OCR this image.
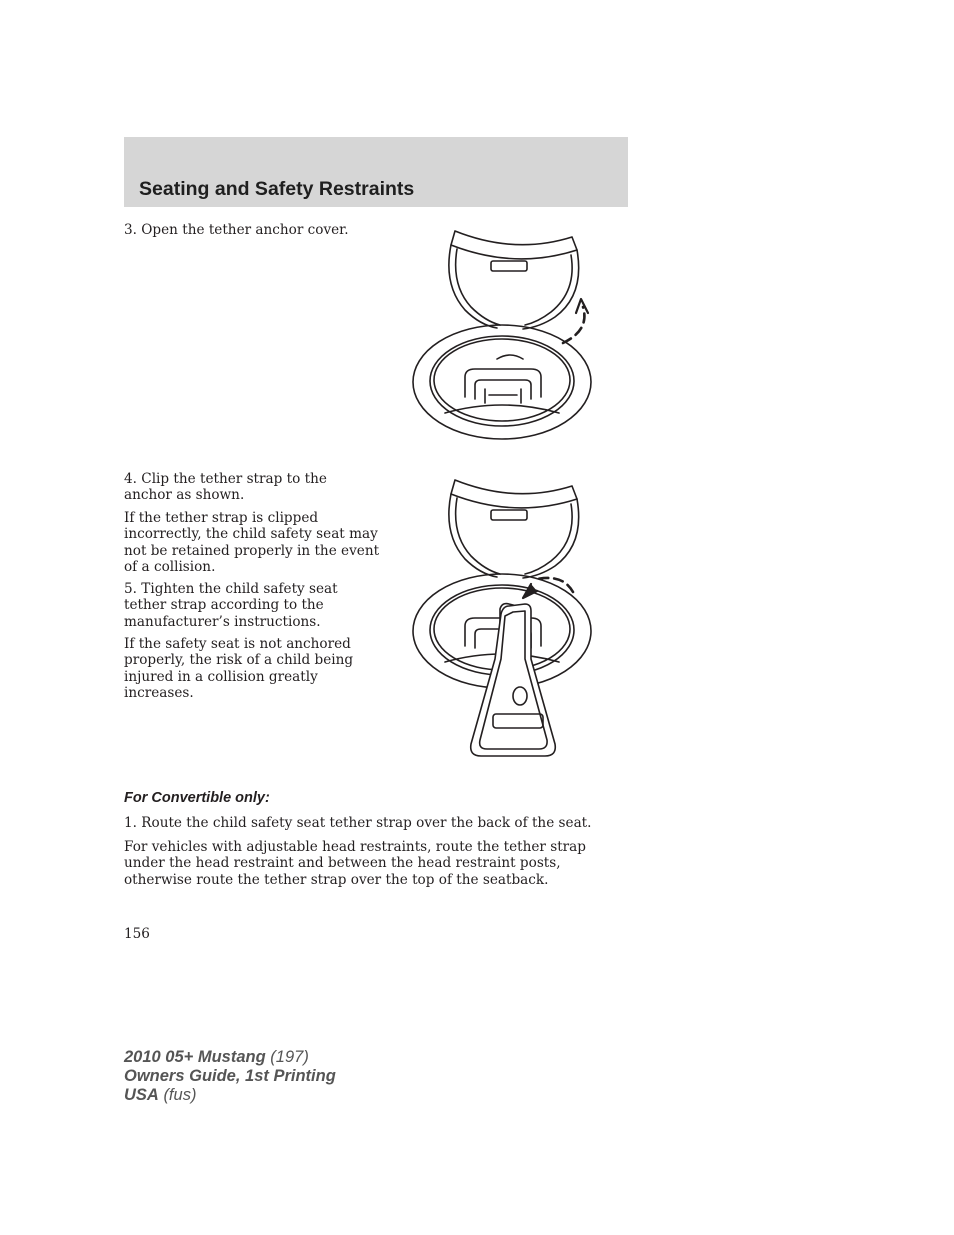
Seating and Safety Restraints

3. Open the tether anchor cover.

4. Clip the tether strap to the anchor as shown.

If the tether strap is clipped incorrectly, the child safety seat may not be retained properly in the event of a collision.

5. Tighten the child safety seat tether strap according to the manufacturer’s instructions.

If the safety seat is not anchored properly, the risk of a child being injured in a collision greatly increases.

For Convertible only:

1. Route the child safety seat tether strap over the back of the seat.

For vehicles with adjustable head restraints, route the tether strap under the head restraint and between the head restraint posts, otherwise route the tether strap over the top of the seatback.

156
2010 05+ Mustang (197)
Owners Guide, 1st Printing
USA (fus)
